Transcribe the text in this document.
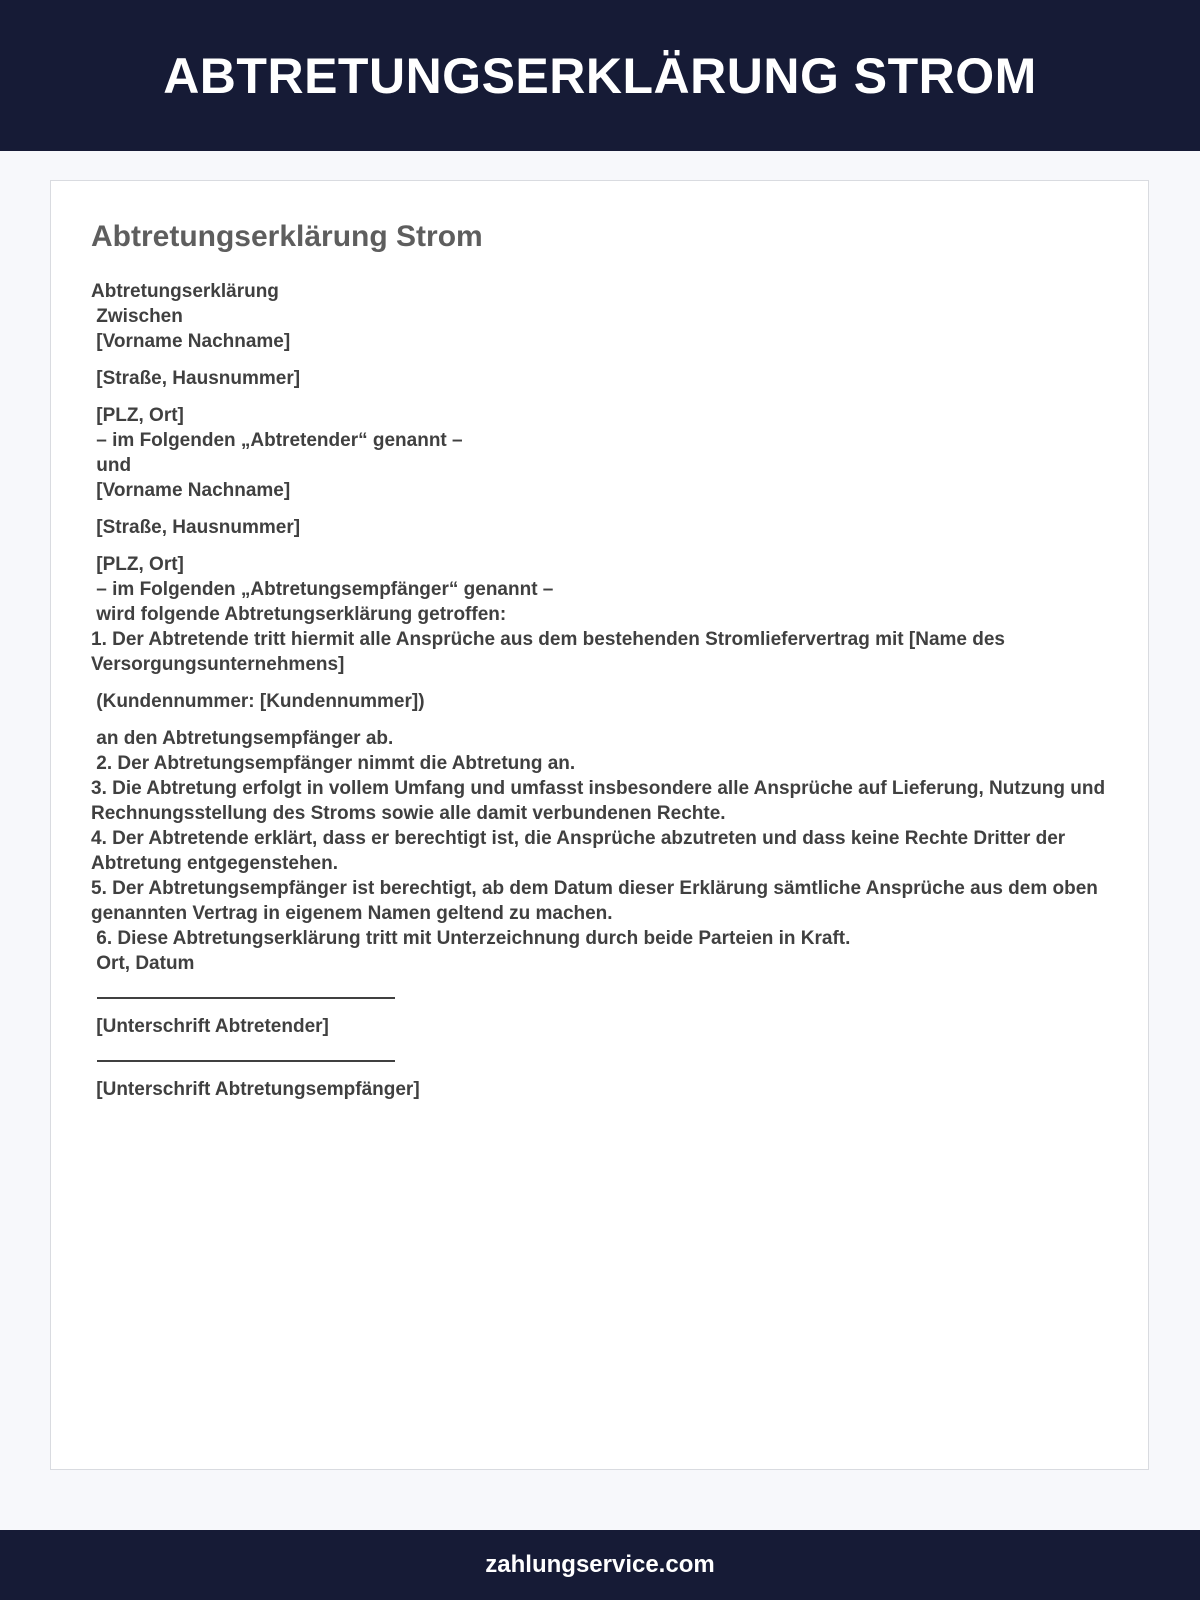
ABTRETUNGSERKLÄRUNG STROM
Abtretungserklärung Strom
Abtretungserklärung
Zwischen
[Vorname Nachname]
[Straße, Hausnummer]
[PLZ, Ort]
– im Folgenden „Abtretender“ genannt –
und
[Vorname Nachname]
[Straße, Hausnummer]
[PLZ, Ort]
– im Folgenden „Abtretungsempfänger“ genannt –
wird folgende Abtretungserklärung getroffen:
1. Der Abtretende tritt hiermit alle Ansprüche aus dem bestehenden Stromliefervertrag mit [Name des Versorgungsunternehmens]
(Kundennummer: [Kundennummer])
an den Abtretungsempfänger ab.
2. Der Abtretungsempfänger nimmt die Abtretung an.
3. Die Abtretung erfolgt in vollem Umfang und umfasst insbesondere alle Ansprüche auf Lieferung, Nutzung und Rechnungsstellung des Stroms sowie alle damit verbundenen Rechte.
4. Der Abtretende erklärt, dass er berechtigt ist, die Ansprüche abzutreten und dass keine Rechte Dritter der Abtretung entgegenstehen.
5. Der Abtretungsempfänger ist berechtigt, ab dem Datum dieser Erklärung sämtliche Ansprüche aus dem oben genannten Vertrag in eigenem Namen geltend zu machen.
6. Diese Abtretungserklärung tritt mit Unterzeichnung durch beide Parteien in Kraft.
Ort, Datum
[Unterschrift Abtretender]
[Unterschrift Abtretungsempfänger]
zahlungservice.com
